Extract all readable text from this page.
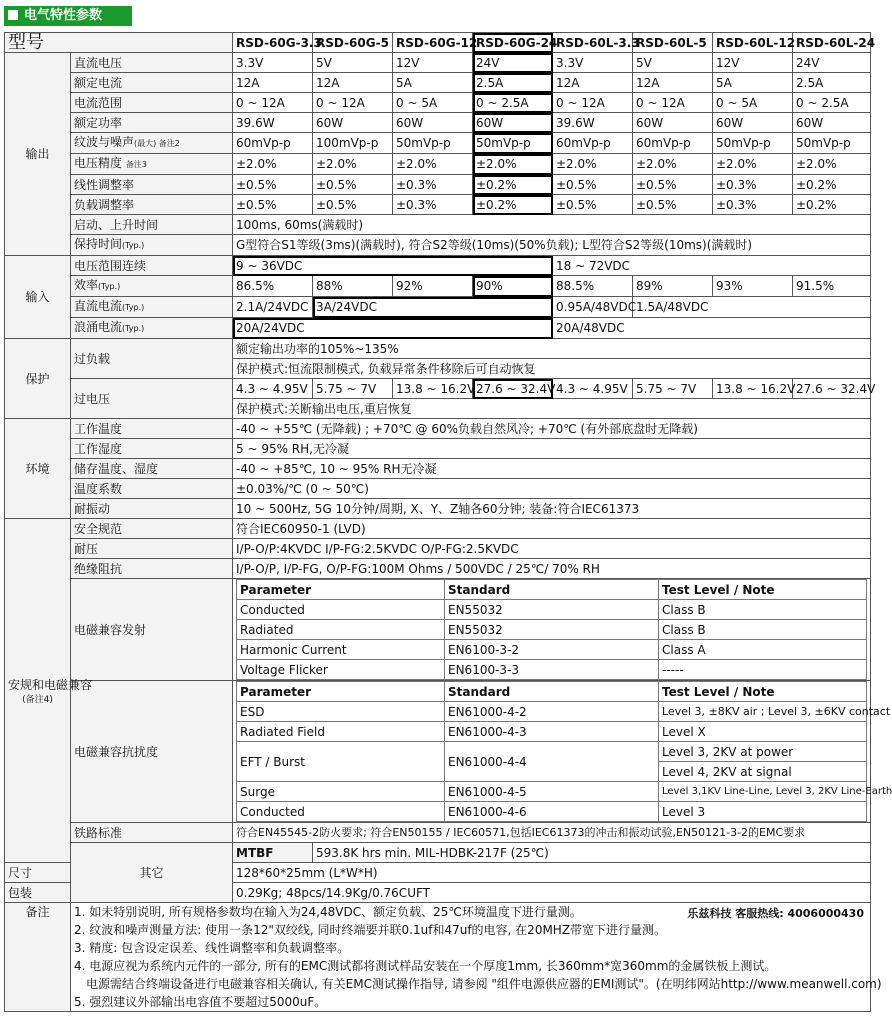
电气特性参数
型号	RSD-60G-3.3	RSD-60G-5	RSD-60G-12	RSD-60G-24	RSD-60L-3.3	RSD-60L-5	RSD-60L-12	RSD-60L-24
输出	直流电压	3.3V	5V	12V	24V	3.3V	5V	12V	24V
额定电流	12A	12A	5A	2.5A	12A	12A	5A	2.5A
电流范围	0 ~ 12A	0 ~ 12A	0 ~ 5A	0 ~ 2.5A	0 ~ 12A	0 ~ 12A	0 ~ 5A	0 ~ 2.5A
额定功率	39.6W	60W	60W	60W	39.6W	60W	60W	60W
纹波与噪声(最大) 备注2	60mVp-p	100mVp-p	50mVp-p	50mVp-p	60mVp-p	60mVp-p	50mVp-p	50mVp-p
电压精度 备注3	±2.0%	±2.0%	±2.0%	±2.0%	±2.0%	±2.0%	±2.0%	±2.0%
线性调整率	±0.5%	±0.5%	±0.3%	±0.2%	±0.5%	±0.5%	±0.3%	±0.2%
负载调整率	±0.5%	±0.5%	±0.3%	±0.2%	±0.5%	±0.5%	±0.3%	±0.2%
启动、上升时间	100ms, 60ms(满载时)
保持时间(Typ.)	G型符合S1等级(3ms)(满载时), 符合S2等级(10ms)(50%负载); L型符合S2等级(10ms)(满载时)
输入	电压范围连续	9 ~ 36VDC	18 ~ 72VDC
效率(Typ.)	86.5%	88%	92%	90%	88.5%	89%	93%	91.5%
直流电流(Typ.)	2.1A/24VDC	3A/24VDC	0.95A/48VDC	1.5A/48VDC
浪涌电流(Typ.)	20A/24VDC	20A/48VDC
保护	过负载	额定输出功率的105%~135%
保护模式:恒流限制模式, 负载异常条件移除后可自动恢复
过电压	4.3 ~ 4.95V	5.75 ~ 7V	13.8 ~ 16.2V	27.6 ~ 32.4V	4.3 ~ 4.95V	5.75 ~ 7V	13.8 ~ 16.2V	27.6 ~ 32.4V
保护模式:关断输出电压,重启恢复
环境	工作温度	-40 ~ +55℃ (无降载) ; +70℃ @ 60%负载自然风冷; +70℃ (有外部底盘时无降载)
工作湿度	5 ~ 95% RH,无冷凝
储存温度、湿度	-40 ~ +85℃, 10 ~ 95% RH无冷凝
温度系数	±0.03%/℃ (0 ~ 50℃)
耐振动	10 ~ 500Hz, 5G 10分钟/周期, X、Y、Z轴各60分钟; 装备:符合IEC61373
安规和电磁兼容
(备注4)
	安全规范	符合IEC60950-1 (LVD)
耐压	I/P-O/P:4KVDC I/P-FG:2.5KVDC O/P-FG:2.5KVDC
绝缘阻抗	I/P-O/P, I/P-FG, O/P-FG:100M Ohms / 500VDC / 25℃/ 70% RH
电磁兼容发射	
Parameter	Standard	Test Level / Note
Conducted	EN55032	Class B
Radiated	EN55032	Class B
Harmonic Current	EN6100-3-2	Class A
Voltage Flicker	EN6100-3-3	-----

电磁兼容抗扰度	
Parameter	Standard	Test Level / Note
ESD	EN61000-4-2	Level 3, ±8KV air ; Level 3, ±6KV contact
Radiated Field	EN61000-4-3	Level X
EFT / Burst	EN61000-4-4	Level 3, 2KV at power
Level 4, 2KV at signal
Surge	EN61000-4-5	Level 3,1KV Line-Line, Level 3, 2KV Line-Earth
Conducted	EN61000-4-6	Level 3

铁路标准	符合EN45545-2防火要求; 符合EN50155 / IEC60571,包括IEC61373的冲击和振动试验,EN50121-3-2的EMC要求
其它	MTBF	593.8K hrs min. MIL-HDBK-217F (25℃)
尺寸	128*60*25mm (L*W*H)
包装	0.29Kg; 48pcs/14.9Kg/0.76CUFT
备注	乐兹科技 客服热线: 4006000430
1. 如未特别说明, 所有规格参数均在输入为24,48VDC、额定负载、25℃环境温度下进行量测。
2. 纹波和噪声测量方法: 使用一条12"双绞线, 同时终端要并联0.1uf和47uf的电容, 在20MHZ带宽下进行量测。
3. 精度: 包含设定误差、线性调整率和负载调整率。
4. 电源应视为系统内元件的一部分, 所有的EMC测试都将测试样品安装在一个厚度1mm, 长360mm*宽360mm的金属铁板上测试。
电源需结合终端设备进行电磁兼容相关确认, 有关EMC测试操作指导, 请参阅 "组件电源供应器的EMI测试"。(在明纬网站http://www.meanwell.com)
5. 强烈建议外部输出电容值不要超过5000uF。
